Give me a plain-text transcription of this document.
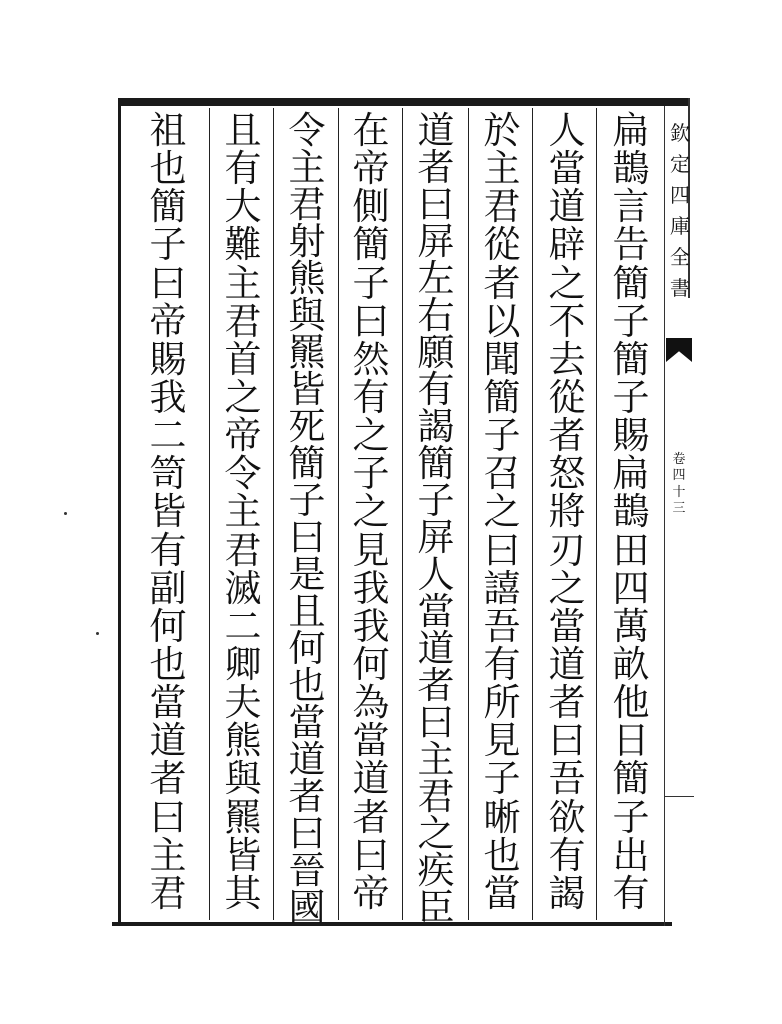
欽
定
四
庫
全
書
卷
四
十
三
扁
鵲
言
告
簡
子
簡
子
賜
扁
鵲
田
四
萬
畝
他
日
簡
子
出
有
人
當
道
辟
之
不
去
從
者
怒
將
刃
之
當
道
者
曰
吾
欲
有
謁
於
主
君
從
者
以
聞
簡
子
召
之
曰
譆
吾
有
所
見
子
晰
也
當
道
者
曰
屏
左
右
願
有
謁
簡
子
屏
人
當
道
者
曰
主
君
之
疾
臣
在
帝
側
簡
子
曰
然
有
之
子
之
見
我
我
何
為
當
道
者
曰
帝
令
主
君
射
熊
與
羆
皆
死
簡
子
曰
是
且
何
也
當
道
者
曰
晉
國
且
有
大
難
主
君
首
之
帝
令
主
君
滅
二
卿
夫
熊
與
羆
皆
其
祖
也
簡
子
曰
帝
賜
我
二
笥
皆
有
副
何
也
當
道
者
曰
主
君
